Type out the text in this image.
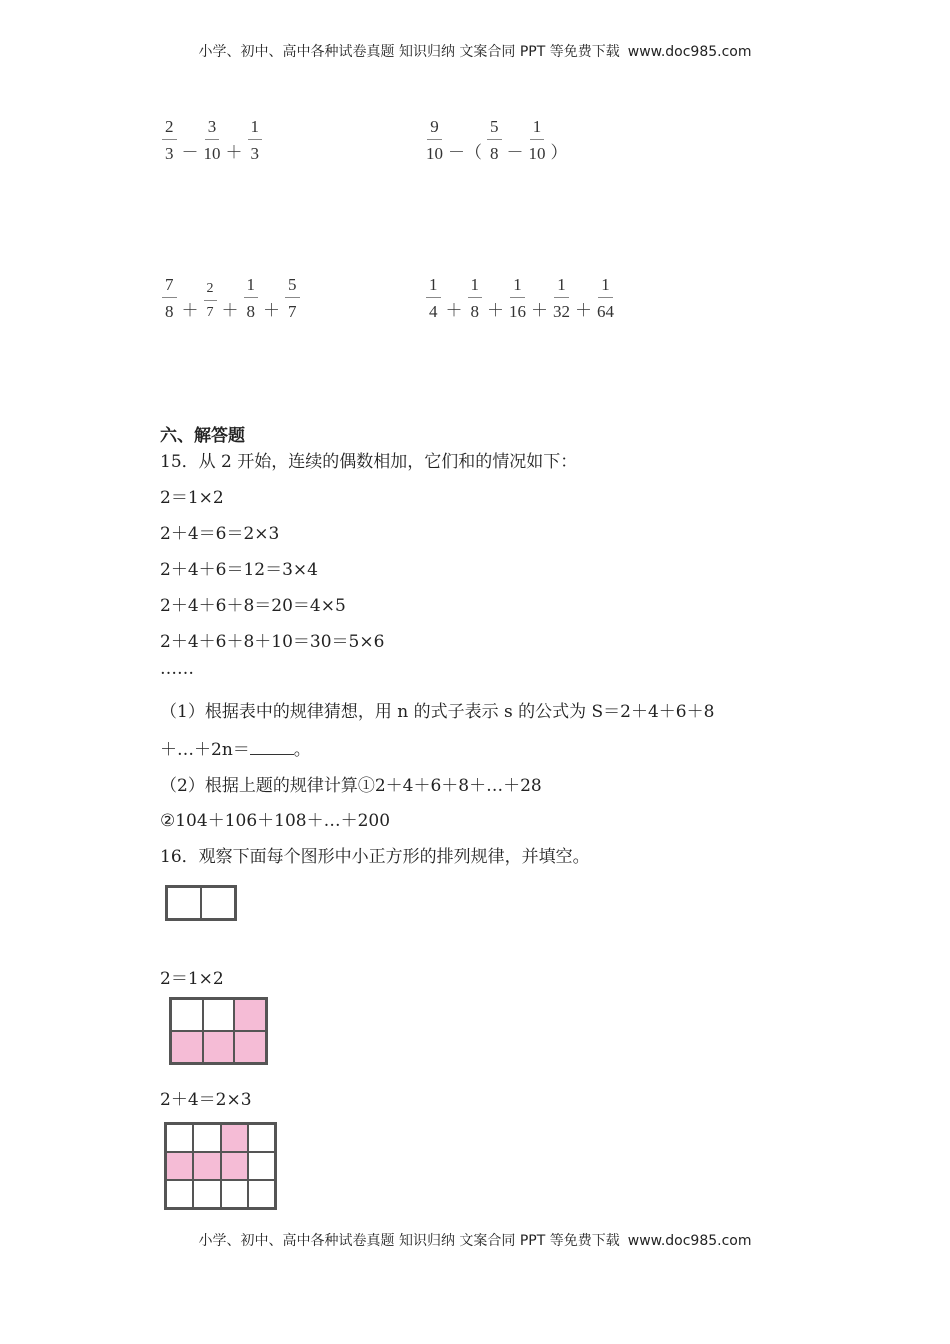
小学、初中、高中各种试卷真题 知识归纳 文案合同 PPT 等免费下载 www.doc985.com
$\frac{2}{3} - \frac{3}{10} + \frac{1}{3}$	$\frac{9}{10}$ －（ $\frac{5}{8} - \frac{1}{10}$ ）
$\frac{7}{8} + \frac{2}{7} + \frac{1}{8} + \frac{5}{7}$	$\frac{1}{4} + \frac{1}{8} + \frac{1}{16} + \frac{1}{32} + \frac{1}{64}$
六、解答题
15．从 2 开始，连续的偶数相加，它们和的情况如下：
2＝1×2
2＋4＝6＝2×3
2＋4＋6＝12＝3×4
2＋4＋6＋8＝20＝4×5
2＋4＋6＋8＋10＝30＝5×6
……
（1）根据表中的规律猜想，用 n 的式子表示 s 的公式为 S＝2＋4＋6＋8
＋…＋2n＝	。
（2）根据上题的规律计算①2＋4＋6＋8＋…＋28
②104＋106＋108＋…＋200
16．观察下面每个图形中小正方形的排列规律，并填空。
2＝1×2
2＋4＝2×3
小学、初中、高中各种试卷真题 知识归纳 文案合同 PPT 等免费下载 www.doc985.com
